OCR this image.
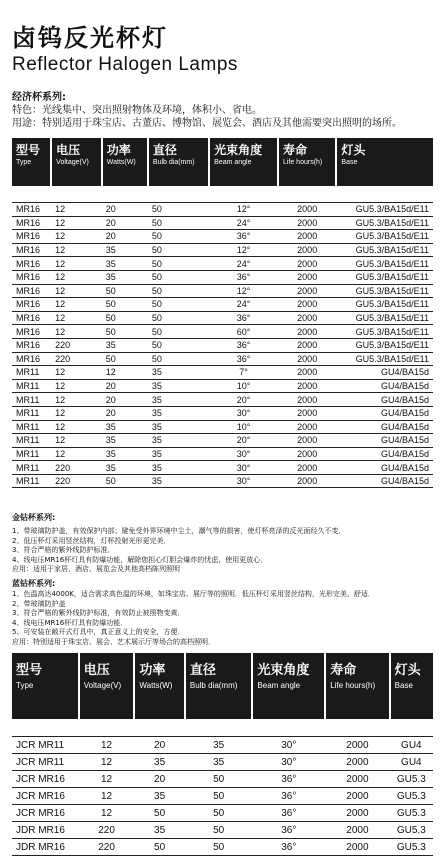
卤钨反光杯灯
Reflector Halogen Lamps
经济杯系列:
特色：光线集中、突出照射物体及环境，体积小、省电。
用途：特别适用于珠宝店、古董店、博物馆、展览会、酒店及其他需要突出照明的场所。
型号
Type	电压
Voltage(V)	功率
Watts(W)	直径
Bulb dia(mm)	光束角度
Beam angle	寿命
Life hours(h)	灯头
Base

MR16	12	20	50	12°	2000	GU5.3/BA15d/E11
MR16	12	20	50	24°	2000	GU5.3/BA15d/E11
MR16	12	20	50	36°	2000	GU5.3/BA15d/E11
MR16	12	35	50	12°	2000	GU5.3/BA15d/E11
MR16	12	35	50	24°	2000	GU5.3/BA15d/E11
MR16	12	35	50	36°	2000	GU5.3/BA15d/E11
MR16	12	50	50	12°	2000	GU5.3/BA15d/E11
MR16	12	50	50	24°	2000	GU5.3/BA15d/E11
MR16	12	50	50	36°	2000	GU5.3/BA15d/E11
MR16	12	50	50	60°	2000	GU5.3/BA15d/E11
MR16	220	35	50	36°	2000	GU5.3/BA15d/E11
MR16	220	50	50	36°	2000	GU5.3/BA15d/E11
MR11	12	12	35	7°	2000	GU4/BA15d
MR11	12	20	35	10°	2000	GU4/BA15d
MR11	12	20	35	20°	2000	GU4/BA15d
MR11	12	20	35	30°	2000	GU4/BA15d
MR11	12	35	35	10°	2000	GU4/BA15d
MR11	12	35	35	20°	2000	GU4/BA15d
MR11	12	35	35	30°	2000	GU4/BA15d
MR11	220	35	35	30°	2000	GU4/BA15d
MR11	220	50	35	30°	2000	GU4/BA15d
金钻杯系列:
1、带玻璃防护盖，有效保护内部；避免受外界环境中尘土，潮气等的损害，使灯杯亮泽的反光面经久不变．
2、低压杯灯采用竖丝结构，灯杯投射光形更完美．
3、符合严格的紫外线防护标准．
4、线电压MR16杯灯具有防爆功能，解除您担心灯胆会爆炸的忧虑，使用更放心．
应用：适用于家居、酒店、展览会及其他高档陈列照明
蓝钻杯系列:
1、色温高达4000K，适合需求高色温的环境，如珠宝店、展厅等的照明．低压杯灯采用竖丝结构，光形完美、舒适．
2、带玻璃防护盖
3、符合严格的紫外线防护标准，有效防止被照物变黄．
4、线电压MR16杯灯具有防爆功能．
5、可安装在敞开式灯具中，真正意义上的安全，方便．
应用：特别适用于珠宝店、展会、艺术展示厅等场合的高档照明．
型号
Type	电压
Voltage(V)	功率
Watts(W)	直径
Bulb dia(mm)	光束角度
Beam angle	寿命
Life hours(h)	灯头
Base

JCR MR11	12	20	35	30°	2000	GU4
JCR MR11	12	35	35	30°	2000	GU4
JCR MR16	12	20	50	36°	2000	GU5.3
JCR MR16	12	35	50	36°	2000	GU5.3
JCR MR16	12	50	50	36°	2000	GU5.3
JDR MR16	220	35	50	36°	2000	GU5.3
JDR MR16	220	50	50	36°	2000	GU5.3
